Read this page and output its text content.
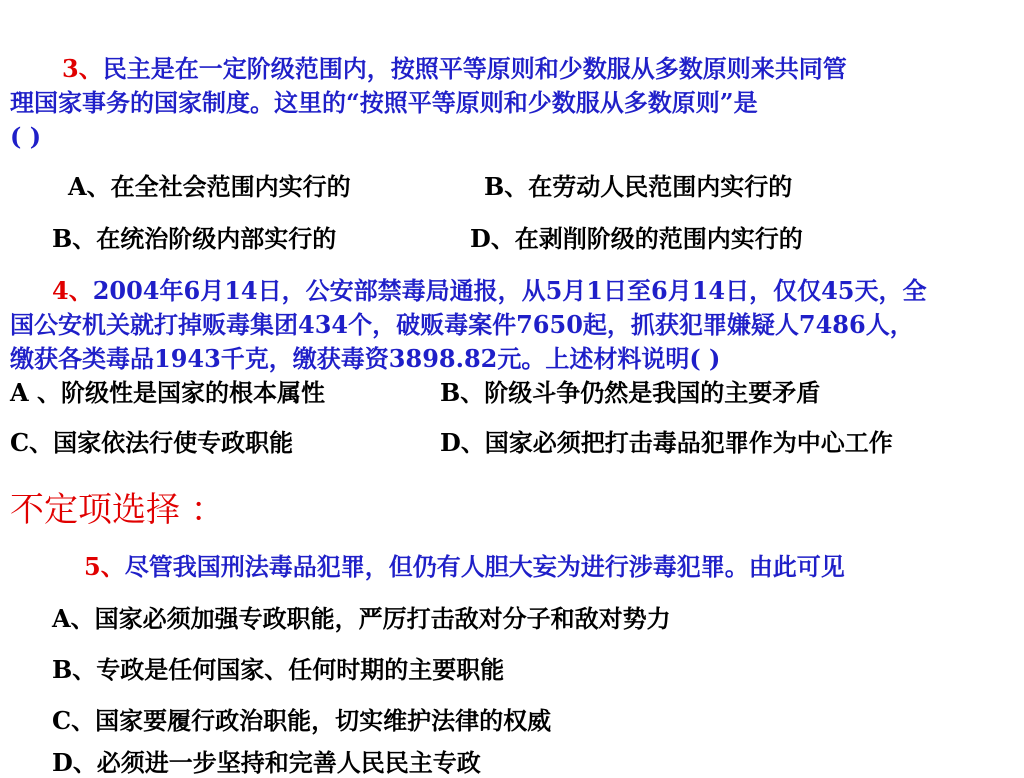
3、民主是在一定阶级范围内，按照平等原则和少数服从多数原则来共同管
理国家事务的国家制度。这里的“按照平等原则和少数服从多数原则”是
( )
A、在全社会范围内实行的	B、在劳动人民范围内实行的
B、在统治阶级内部实行的	D、在剥削阶级的范围内实行的
4、2004年6月14日，公安部禁毒局通报，从5月1日至6月14日，仅仅45天，全
国公安机关就打掉贩毒集团434个，破贩毒案件7650起，抓获犯罪嫌疑人7486人，
缴获各类毒品1943千克，缴获毒资3898.82元。上述材料说明( )
A 、阶级性是国家的根本属性	B、阶级斗争仍然是我国的主要矛盾
C、国家依法行使专政职能	D、国家必须把打击毒品犯罪作为中心工作
不定项选择 ：
5、尽管我国刑法毒品犯罪，但仍有人胆大妄为进行涉毒犯罪。由此可见
A、国家必须加强专政职能，严厉打击敌对分子和敌对势力
B、专政是任何国家、任何时期的主要职能
C、国家要履行政治职能，切实维护法律的权威
D、必须进一步坚持和完善人民民主专政
